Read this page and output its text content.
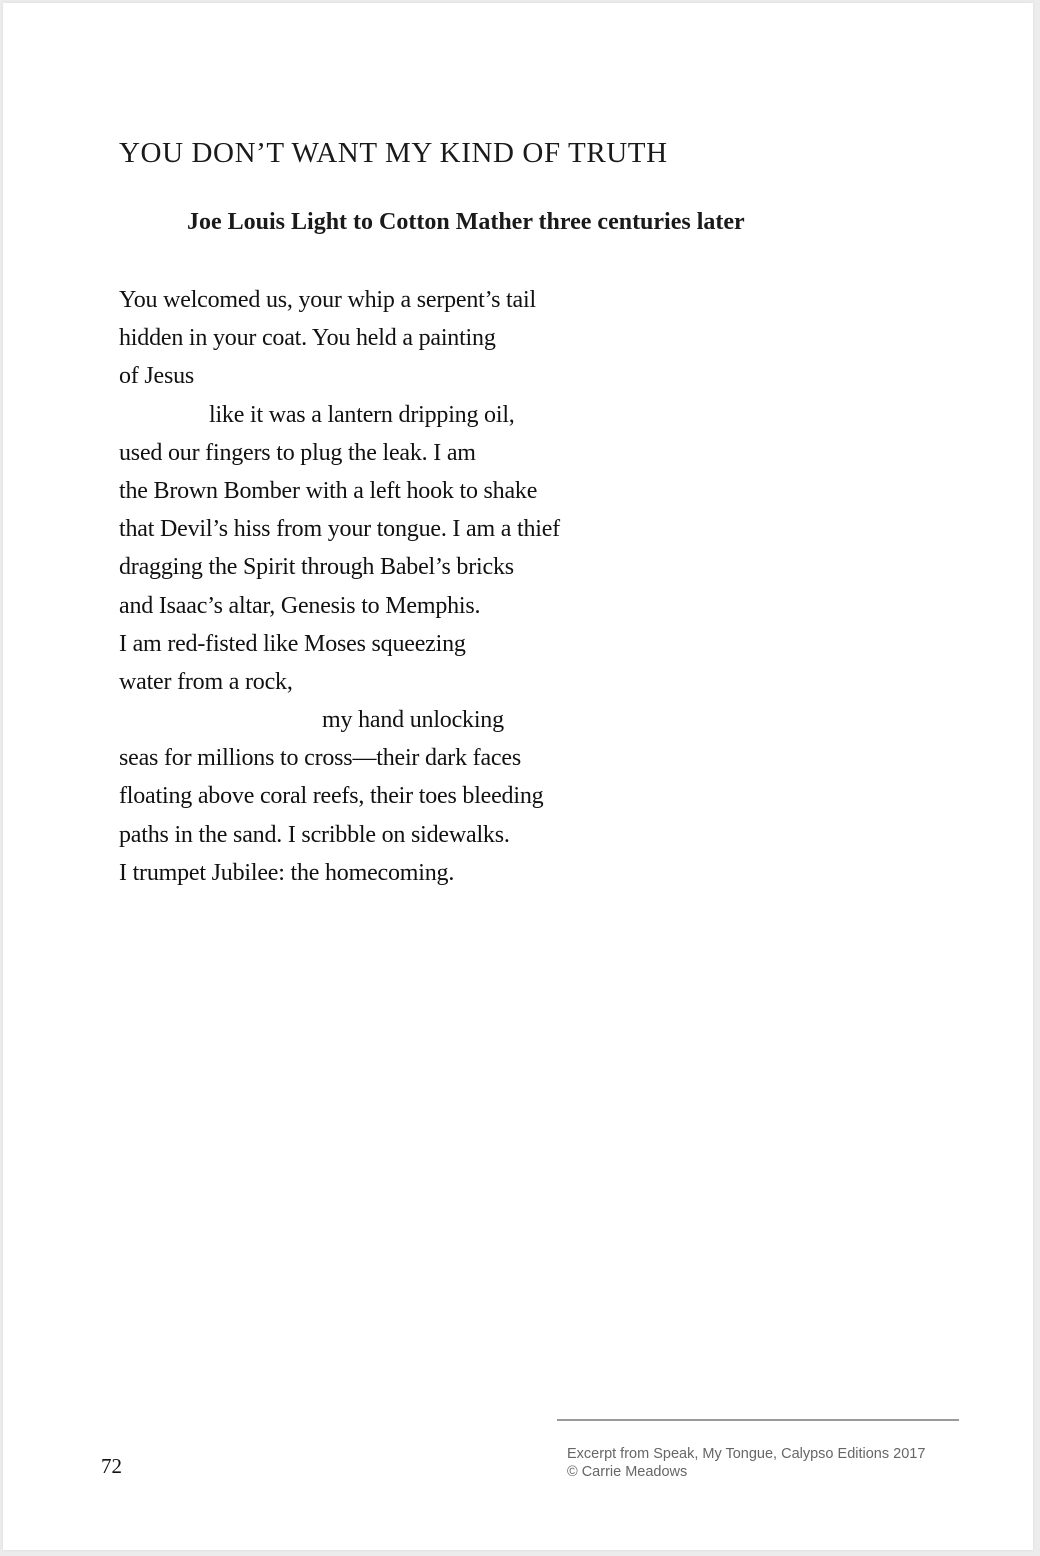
YOU DON’T WANT MY KIND OF TRUTH
Joe Louis Light to Cotton Mather three centuries later
You welcomed us, your whip a serpent’s tail
hidden in your coat. You held a painting
of Jesus
like it was a lantern dripping oil,
used our fingers to plug the leak. I am
the Brown Bomber with a left hook to shake
that Devil’s hiss from your tongue. I am a thief
dragging the Spirit through Babel’s bricks
and Isaac’s altar, Genesis to Memphis.
I am red-fisted like Moses squeezing
water from a rock,
my hand unlocking
seas for millions to cross—their dark faces
floating above coral reefs, their toes bleeding
paths in the sand. I scribble on sidewalks.
I trumpet Jubilee: the homecoming.
72	Excerpt from Speak, My Tongue, Calypso Editions 2017
© Carrie Meadows
